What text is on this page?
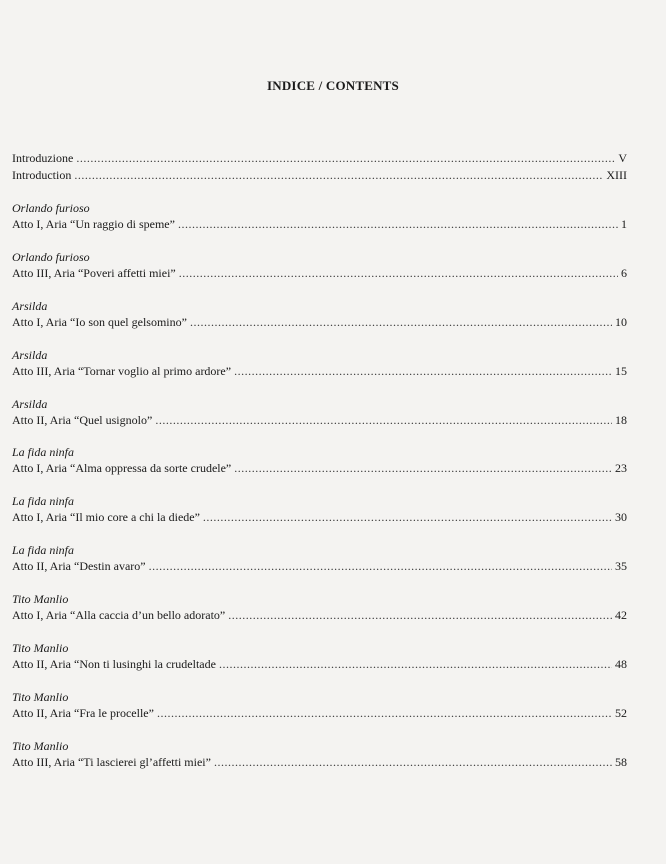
INDICE / CONTENTS
Introduzione .....	V
Introduction .....	XIII
Orlando furioso
Atto I, Aria “Un raggio di speme” .....	1
Orlando furioso
Atto III, Aria “Poveri affetti miei” .....	6
Arsilda
Atto I, Aria “Io son quel gelsomino” .....	10
Arsilda
Atto III, Aria “Tornar voglio al primo ardore” .....	15
Arsilda
Atto II, Aria “Quel usignolo” .....	18
La fida ninfa
Atto I, Aria “Alma oppressa da sorte crudele” .....	23
La fida ninfa
Atto I, Aria “Il mio core a chi la diede” .....	30
La fida ninfa
Atto II, Aria “Destin avaro” .....	35
Tito Manlio
Atto I, Aria “Alla caccia d’un bello adorato” .....	42
Tito Manlio
Atto II, Aria “Non ti lusinghi la crudeltade .....	48
Tito Manlio
Atto II, Aria “Fra le procelle” .....	52
Tito Manlio
Atto III, Aria “Ti lascierei gl’affetti miei” .....	58
